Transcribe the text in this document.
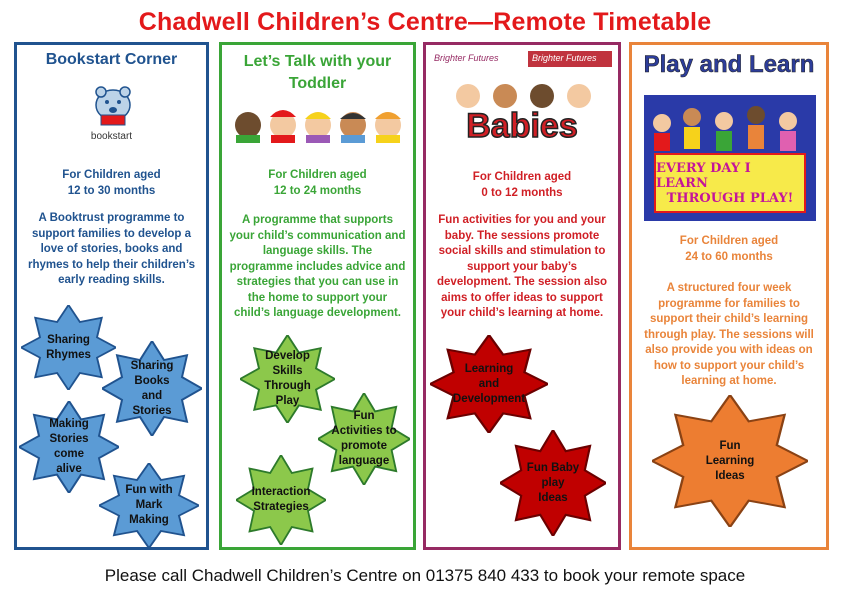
Chadwell Children’s Centre—Remote Timetable
Bookstart Corner
bookstart
For Children aged
12 to 30 months
A Booktrust programme to
support families to develop a
love of stories, books and
rhymes to help their children’s
early reading skills.
Sharing
Rhymes
Sharing
Books
and
Stories
Making
Stories
come
alive
Fun with
Mark
Making
Let’s Talk with your
Toddler
For Children aged
12 to 24 months
A programme that supports
your child’s communication and
language skills. The
programme includes advice and
strategies that you can use in
the home to support your
child’s language development.
Develop
Skills
Through
Play
Fun
Activities to
promote
language
Interaction
Strategies
Brighter Futures	Brighter Futures
Babies
For Children aged
0 to 12 months
Fun activities for you and your
baby. The sessions promote
social skills and stimulation to
support your baby’s
development. The session also
aims to offer ideas to support
your child’s learning at home.
Learning
and
Development
Fun Baby
play
Ideas
Play and Learn
EVERY DAY I LEARN
THROUGH PLAY!
For Children aged
24 to 60 months
A structured four week
programme for families to
support their child’s learning
through play. The sessions will
also provide you with ideas on
how to support your child’s
learning at home.
Fun
Learning
Ideas
Please call Chadwell Children’s Centre on 01375 840 433 to book your remote space
